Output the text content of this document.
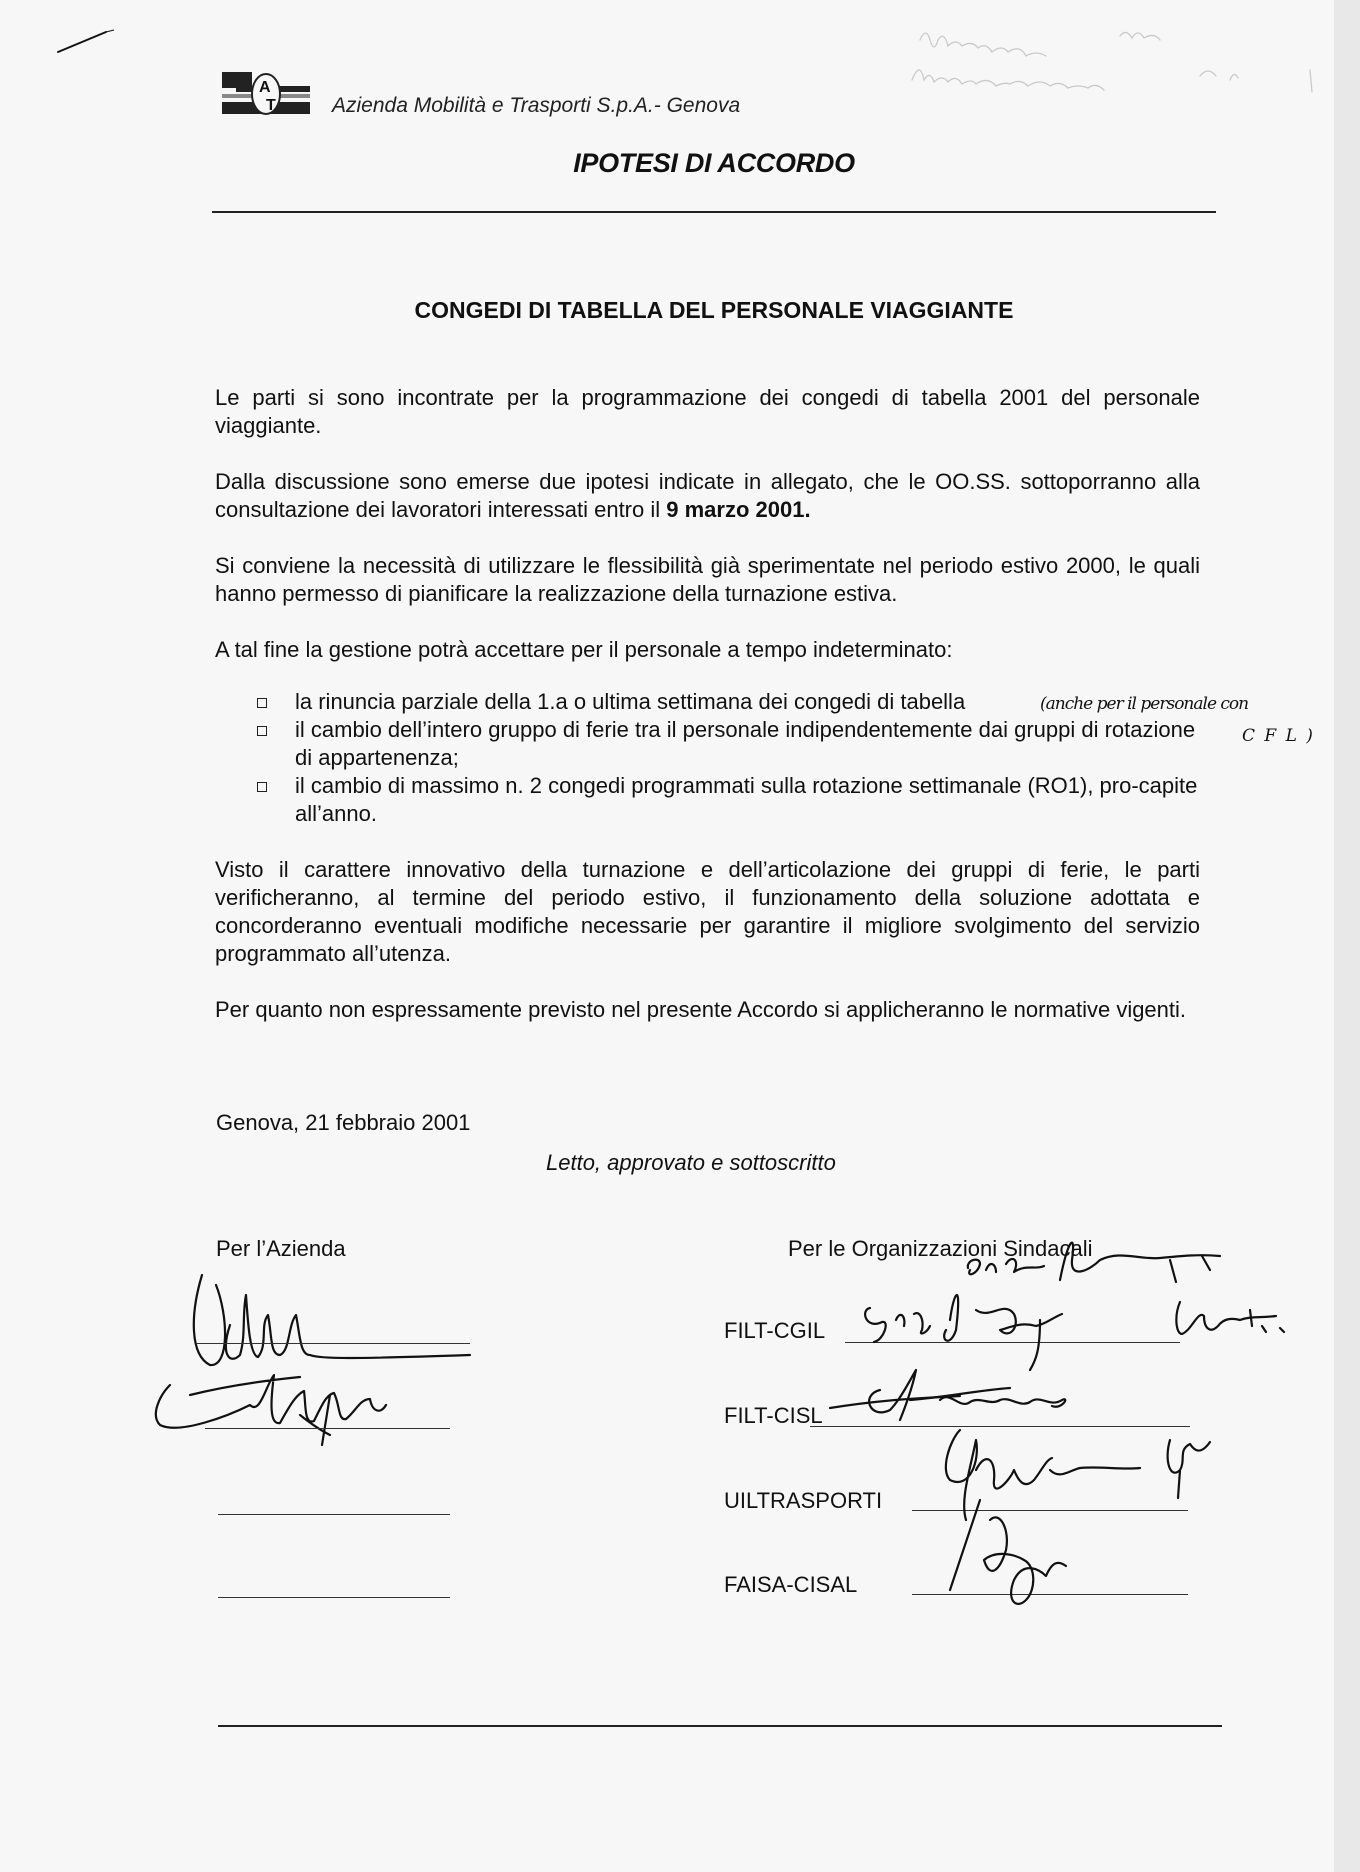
A
T	Azienda Mobilità e Trasporti S.p.A.- Genova
IPOTESI DI ACCORDO
CONGEDI DI TABELLA DEL PERSONALE VIAGGIANTE

Le parti si sono incontrate per la programmazione dei congedi di tabella 2001 del personale viaggiante.

Dalla discussione sono emerse due ipotesi indicate in allegato, che le OO.SS. sottoporranno alla consultazione dei lavoratori interessati entro il 9 marzo 2001.

Si conviene la necessità di utilizzare le flessibilità già sperimentate nel periodo estivo 2000, le quali hanno permesso di pianificare la realizzazione della turnazione estiva.

A tal fine la gestione potrà accettare per il personale a tempo indeterminato:

la rinuncia parziale della 1.a o ultima settimana dei congedi di tabella
il cambio dell’intero gruppo di ferie tra il personale indipendentemente dai gruppi di rotazione di appartenenza;
il cambio di massimo n. 2 congedi programmati sulla rotazione settimanale (RO1), pro-capite all’anno.

Visto il carattere innovativo della turnazione e dell’articolazione dei gruppi di ferie, le parti verificheranno, al termine del periodo estivo, il funzionamento della soluzione adottata e concorderanno eventuali modifiche necessarie per garantire il migliore svolgimento del servizio programmato all’utenza.

Per quanto non espressamente previsto nel presente Accordo si applicheranno le normative vigenti.

(anche per il personale con
C F L )
Genova, 21 febbraio 2001
Letto, approvato e sottoscritto
Per l’Azienda	Per le Organizzazioni Sindacali
FILT-CGIL
FILT-CISL
UILTRASPORTI
FAISA-CISAL
